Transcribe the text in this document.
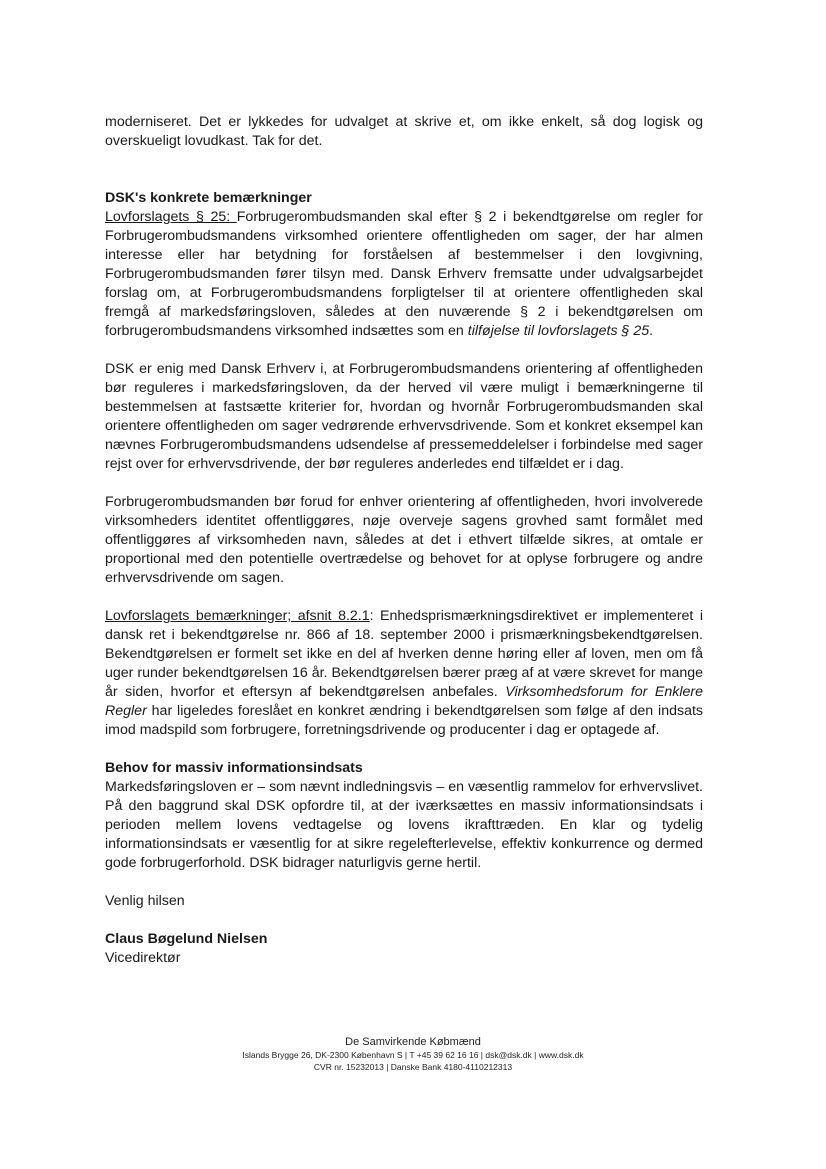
moderniseret. Det er lykkedes for udvalget at skrive et, om ikke enkelt, så dog logisk og overskueligt lovudkast. Tak for det.

DSK's konkrete bemærkninger

Lovforslagets § 25: Forbrugerombudsmanden skal efter § 2 i bekendtgørelse om regler for Forbrugerombudsmandens virksomhed orientere offentligheden om sager, der har almen interesse eller har betydning for forståelsen af bestemmelser i den lovgivning, Forbrugerombudsmanden fører tilsyn med. Dansk Erhverv fremsatte under udvalgsarbejdet forslag om, at Forbrugerombudsmandens forpligtelser til at orientere offentligheden skal fremgå af markedsføringsloven, således at den nuværende § 2 i bekendtgørelsen om forbrugerombudsmandens virksomhed indsættes som en tilføjelse til lovforslagets § 25.

DSK er enig med Dansk Erhverv i, at Forbrugerombudsmandens orientering af offentligheden bør reguleres i markedsføringsloven, da der herved vil være muligt i bemærkningerne til bestemmelsen at fastsætte kriterier for, hvordan og hvornår Forbrugerombudsmanden skal orientere offentligheden om sager vedrørende erhvervsdrivende. Som et konkret eksempel kan nævnes Forbrugerombudsmandens udsendelse af pressemeddelelser i forbindelse med sager rejst over for erhvervsdrivende, der bør reguleres anderledes end tilfældet er i dag.

Forbrugerombudsmanden bør forud for enhver orientering af offentligheden, hvori involverede virksomheders identitet offentliggøres, nøje overveje sagens grovhed samt formålet med offentliggøres af virksomheden navn, således at det i ethvert tilfælde sikres, at omtale er proportional med den potentielle overtrædelse og behovet for at oplyse forbrugere og andre erhvervsdrivende om sagen.

Lovforslagets bemærkninger; afsnit 8.2.1: Enhedsprismærkningsdirektivet er implementeret i dansk ret i bekendtgørelse nr. 866 af 18. september 2000 i prismærkningsbekendtgørelsen. Bekendtgørelsen er formelt set ikke en del af hverken denne høring eller af loven, men om få uger runder bekendtgørelsen 16 år. Bekendtgørelsen bærer præg af at være skrevet for mange år siden, hvorfor et eftersyn af bekendtgørelsen anbefales. Virksomhedsforum for Enklere Regler har ligeledes foreslået en konkret ændring i bekendtgørelsen som følge af den indsats imod madspild som forbrugere, forretningsdrivende og producenter i dag er optagede af.

Behov for massiv informationsindsats

Markedsføringsloven er – som nævnt indledningsvis – en væsentlig rammelov for erhvervslivet. På den baggrund skal DSK opfordre til, at der iværksættes en massiv informationsindsats i perioden mellem lovens vedtagelse og lovens ikrafttræden. En klar og tydelig informationsindsats er væsentlig for at sikre regelefterlevelse, effektiv konkurrence og dermed gode forbrugerforhold. DSK bidrager naturligvis gerne hertil.

Venlig hilsen

Claus Bøgelund Nielsen

Vicedirektør

De Samvirkende Købmænd
Islands Brygge 26, DK-2300 København S | T +45 39 62 16 16 | dsk@dsk.dk | www.dsk.dk
CVR nr. 15232013 | Danske Bank 4180-4110212313
